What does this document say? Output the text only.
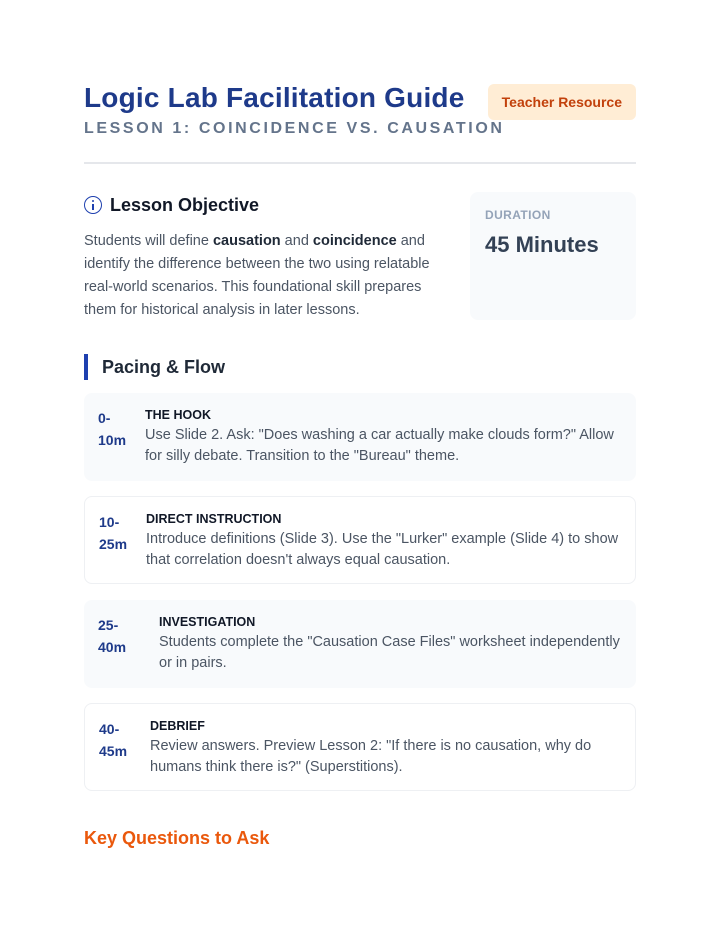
Logic Lab Facilitation Guide
LESSON 1: COINCIDENCE VS. CAUSATION
Teacher Resource
Lesson Objective

Students will define causation and coincidence and identify the difference between the two using relatable real-world scenarios. This foundational skill prepares them for historical analysis in later lessons.

DURATION
45 Minutes
Pacing & Flow
0-
10m
THE HOOK
Use Slide 2. Ask: "Does washing a car actually make clouds form?" Allow for silly debate. Transition to the "Bureau" theme.
10-
25m
DIRECT INSTRUCTION
Introduce definitions (Slide 3). Use the "Lurker" example (Slide 4) to show that correlation doesn't always equal causation.
25-
40m
INVESTIGATION
Students complete the "Causation Case Files" worksheet independently or in pairs.
40-
45m
DEBRIEF
Review answers. Preview Lesson 2: "If there is no causation, why do humans think there is?" (Superstitions).
Key Questions to Ask
